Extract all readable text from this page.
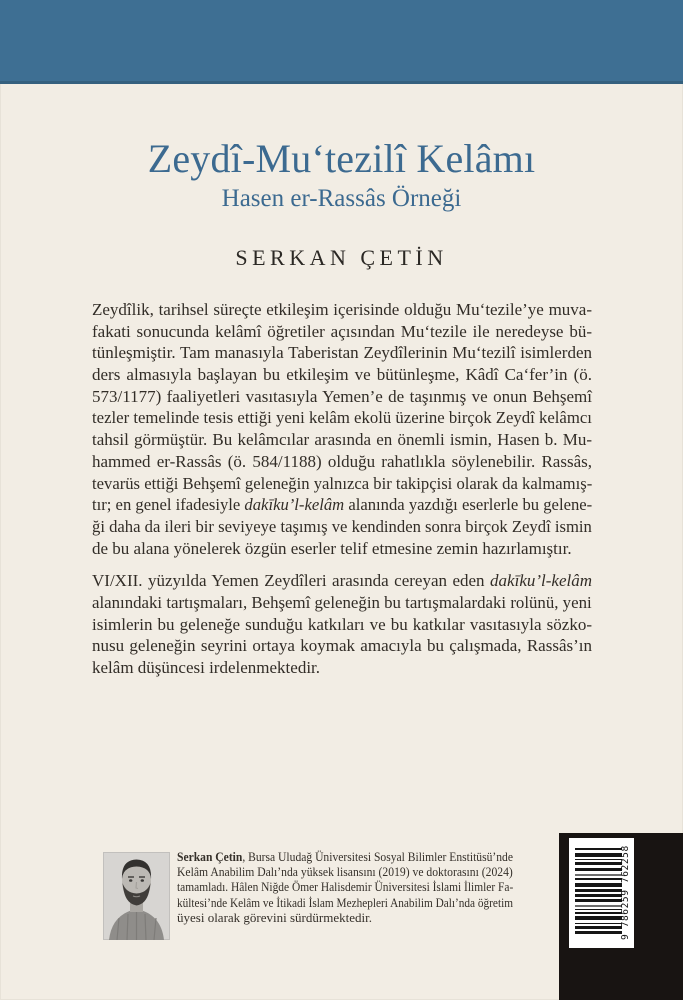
Zeydî-Mu‘tezilî Kelâmı
Hasen er-Rassâs Örneği
SERKAN ÇETİN
Zeydîlik, tarihsel süreçte etkileşim içerisinde olduğu Mu‘tezile’ye muva-
fakati sonucunda kelâmî öğretiler açısından Mu‘tezile ile neredeyse bü-
tünleşmiştir. Tam manasıyla Taberistan Zeydîlerinin Mu‘tezilî isimlerden
ders almasıyla başlayan bu etkileşim ve bütünleşme, Kâdî Ca‘fer’in (ö.
573/1177) faaliyetleri vasıtasıyla Yemen’e de taşınmış ve onun Behşemî
tezler temelinde tesis ettiği yeni kelâm ekolü üzerine birçok Zeydî kelâmcı
tahsil görmüştür. Bu kelâmcılar arasında en önemli ismin, Hasen b. Mu-
hammed er-Rassâs (ö. 584/1188) olduğu rahatlıkla söylenebilir. Rassâs,
tevarüs ettiği Behşemî geleneğin yalnızca bir takipçisi olarak da kalmamış-
tır; en genel ifadesiyle dakīku’l-kelâm alanında yazdığı eserlerle bu gelene-
ği daha da ileri bir seviyeye taşımış ve kendinden sonra birçok Zeydî ismin
de bu alana yönelerek özgün eserler telif etmesine zemin hazırlamıştır.
VI/XII. yüzyılda Yemen Zeydîleri arasında cereyan eden dakīku’l-kelâm
alanındaki tartışmaları, Behşemî geleneğin bu tartışmalardaki rolünü, yeni
isimlerin bu geleneğe sunduğu katkıları ve bu katkılar vasıtasıyla sözko-
nusu geleneğin seyrini ortaya koymak amacıyla bu çalışmada, Rassâs’ın
kelâm düşüncesi irdelenmektedir.
Serkan Çetin, Bursa Uludağ Üniversitesi Sosyal Bilimler Enstitüsü’nde
Kelâm Anabilim Dalı’nda yüksek lisansını (2019) ve doktorasını (2024)
tamamladı. Hâlen Niğde Ömer Halisdemir Üniversitesi İslami İlimler Fa-
kültesi’nde Kelâm ve İtikadi İslam Mezhepleri Anabilim Dalı’nda öğretim
üyesi olarak görevini sürdürmektedir.	9 786259 762258
